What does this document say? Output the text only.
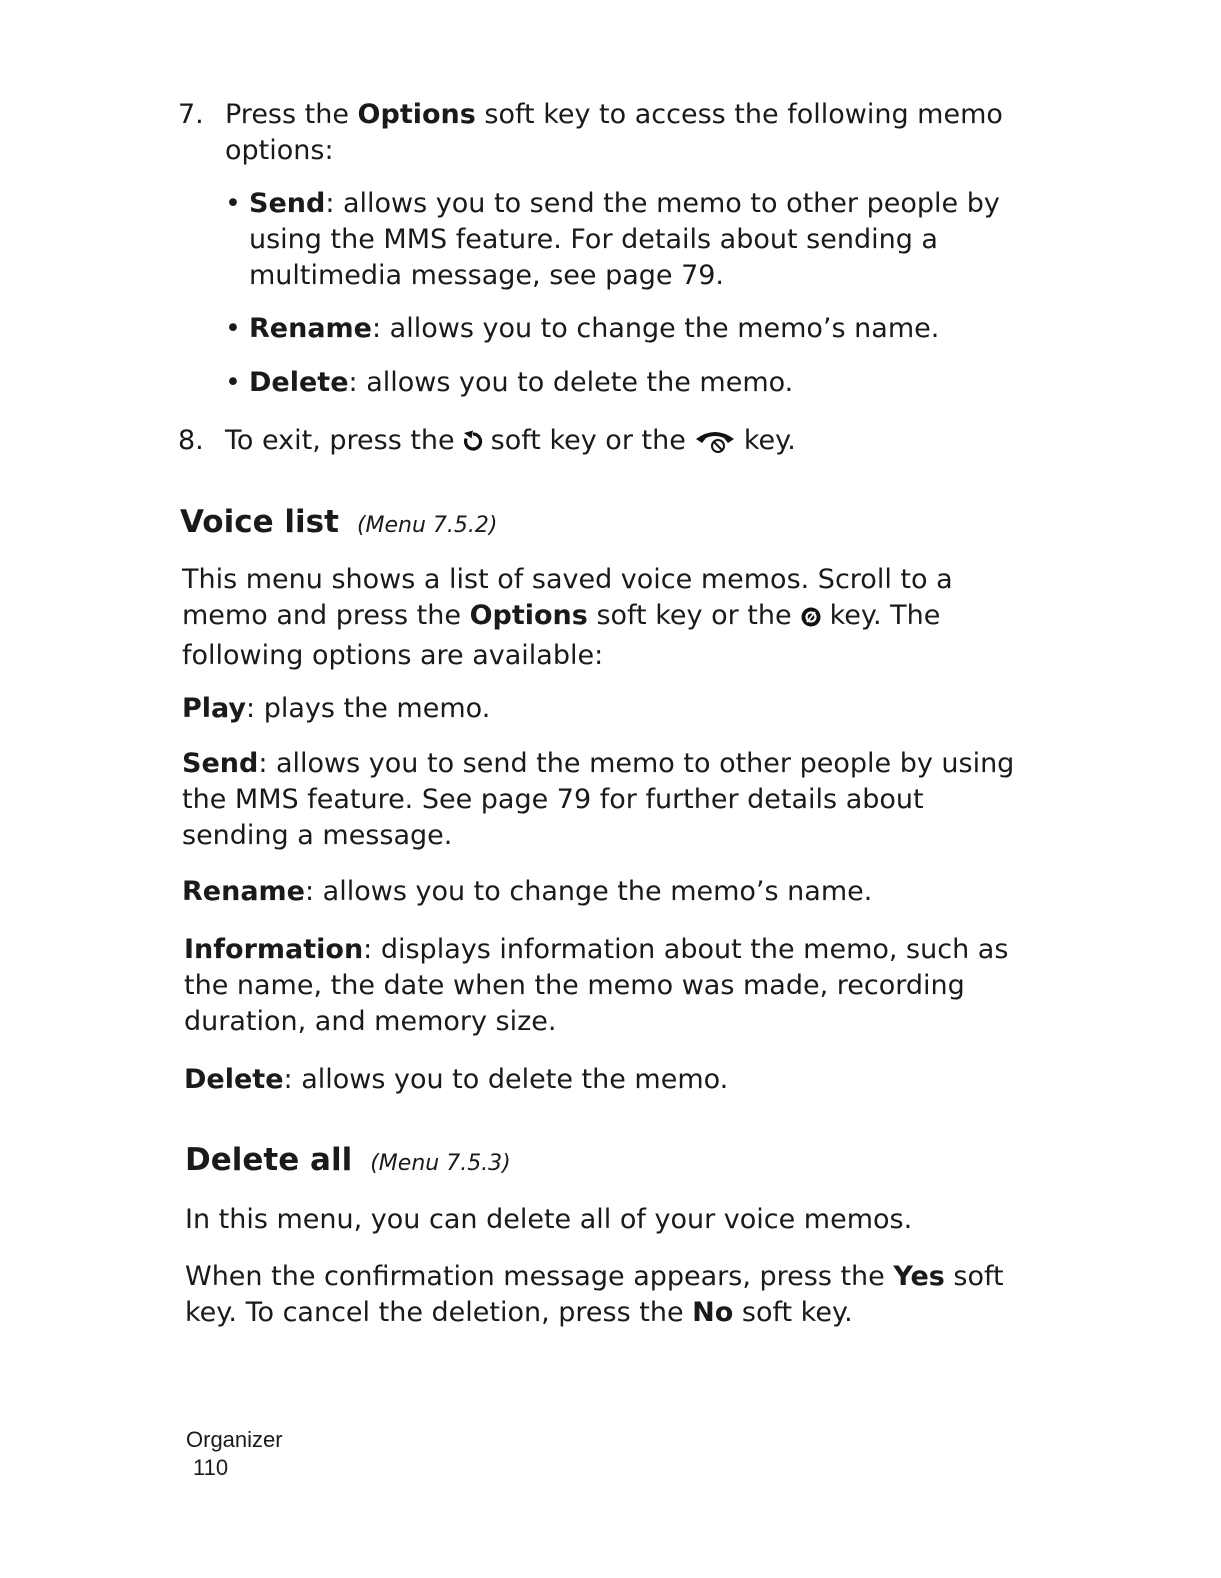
7. Press the Options soft key to access the following memo options:
• Send: allows you to send the memo to other people by using the MMS feature. For details about sending a multimedia message, see page 79.
• Rename: allows you to change the memo’s name.
• Delete: allows you to delete the memo.
8. To exit, press the soft key or the key.
Voice list (Menu 7.5.2)
This menu shows a list of saved voice memos. Scroll to a memo and press the Options soft key or the key. The following options are available:
Play: plays the memo.
Send: allows you to send the memo to other people by using the MMS feature. See page 79 for further details about sending a message.
Rename: allows you to change the memo’s name.
Information: displays information about the memo, such as the name, the date when the memo was made, recording duration, and memory size.
Delete: allows you to delete the memo.
Delete all (Menu 7.5.3)
In this menu, you can delete all of your voice memos.
When the confirmation message appears, press the Yes soft key. To cancel the deletion, press the No soft key.
Organizer
110
